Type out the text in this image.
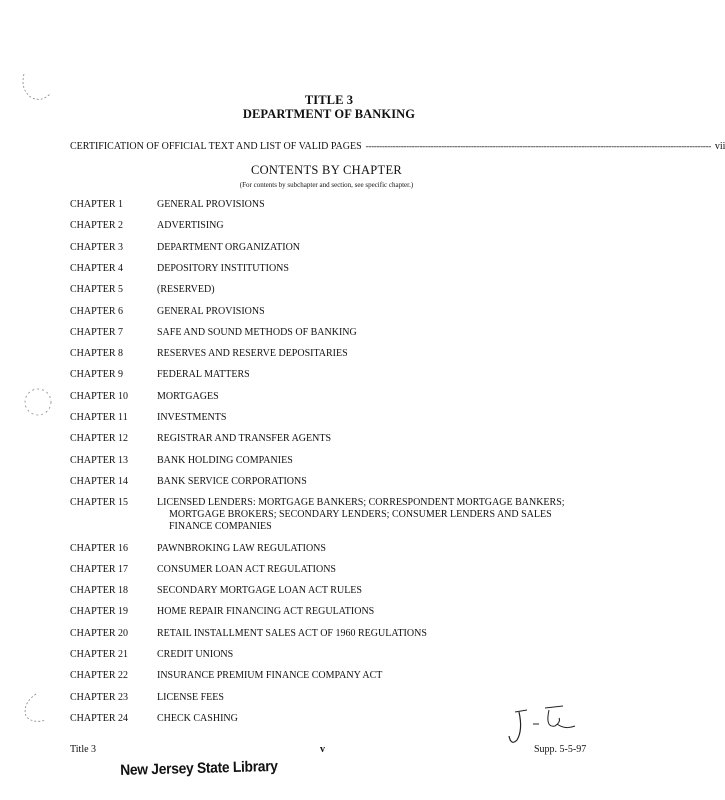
TITLE 3
DEPARTMENT OF BANKING
CERTIFICATION OF OFFICIAL TEXT AND LIST OF VALID PAGES -------------------------------------------------------------------------------------------------------------------------------- vii
CONTENTS BY CHAPTER
(For contents by subchapter and section, see specific chapter.)
CHAPTER 1	GENERAL PROVISIONS
CHAPTER 2	ADVERTISING
CHAPTER 3	DEPARTMENT ORGANIZATION
CHAPTER 4	DEPOSITORY INSTITUTIONS
CHAPTER 5	(RESERVED)
CHAPTER 6	GENERAL PROVISIONS
CHAPTER 7	SAFE AND SOUND METHODS OF BANKING
CHAPTER 8	RESERVES AND RESERVE DEPOSITARIES
CHAPTER 9	FEDERAL MATTERS
CHAPTER 10	MORTGAGES
CHAPTER 11	INVESTMENTS
CHAPTER 12	REGISTRAR AND TRANSFER AGENTS
CHAPTER 13	BANK HOLDING COMPANIES
CHAPTER 14	BANK SERVICE CORPORATIONS
CHAPTER 15	LICENSED LENDERS: MORTGAGE BANKERS; CORRESPONDENT MORTGAGE BANKERS;
MORTGAGE BROKERS; SECONDARY LENDERS; CONSUMER LENDERS AND SALES
FINANCE COMPANIES
CHAPTER 16	PAWNBROKING LAW REGULATIONS
CHAPTER 17	CONSUMER LOAN ACT REGULATIONS
CHAPTER 18	SECONDARY MORTGAGE LOAN ACT RULES
CHAPTER 19	HOME REPAIR FINANCING ACT REGULATIONS
CHAPTER 20	RETAIL INSTALLMENT SALES ACT OF 1960 REGULATIONS
CHAPTER 21	CREDIT UNIONS
CHAPTER 22	INSURANCE PREMIUM FINANCE COMPANY ACT
CHAPTER 23	LICENSE FEES
CHAPTER 24	CHECK CASHING
Title 3	v	Supp. 5-5-97
New Jersey State Library
